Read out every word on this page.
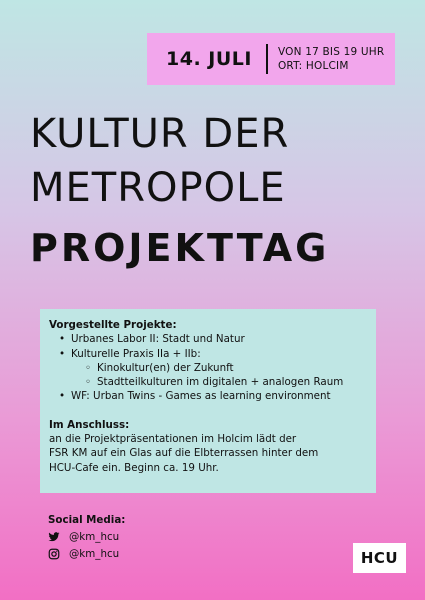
14. JULI VON 17 BIS 19 UHR
ORT: HOLCIM
KULTUR DER
METROPOLE
PROJEKTTAG
Vorgestellte Projekte:
• Urbanes Labor II: Stadt und Natur
• Kulturelle Praxis IIa + IIb:
◦ Kinokultur(en) der Zukunft
◦ Stadtteilkulturen im digitalen + analogen Raum
• WF: Urban Twins - Games as learning environment
Im Anschluss:
an die Projektpräsentationen im Holcim lädt der
FSR KM auf ein Glas auf die Elbterrassen hinter dem
HCU-Cafe ein. Beginn ca. 19 Uhr.
Social Media:
@km_hcu
@km_hcu	HCU
